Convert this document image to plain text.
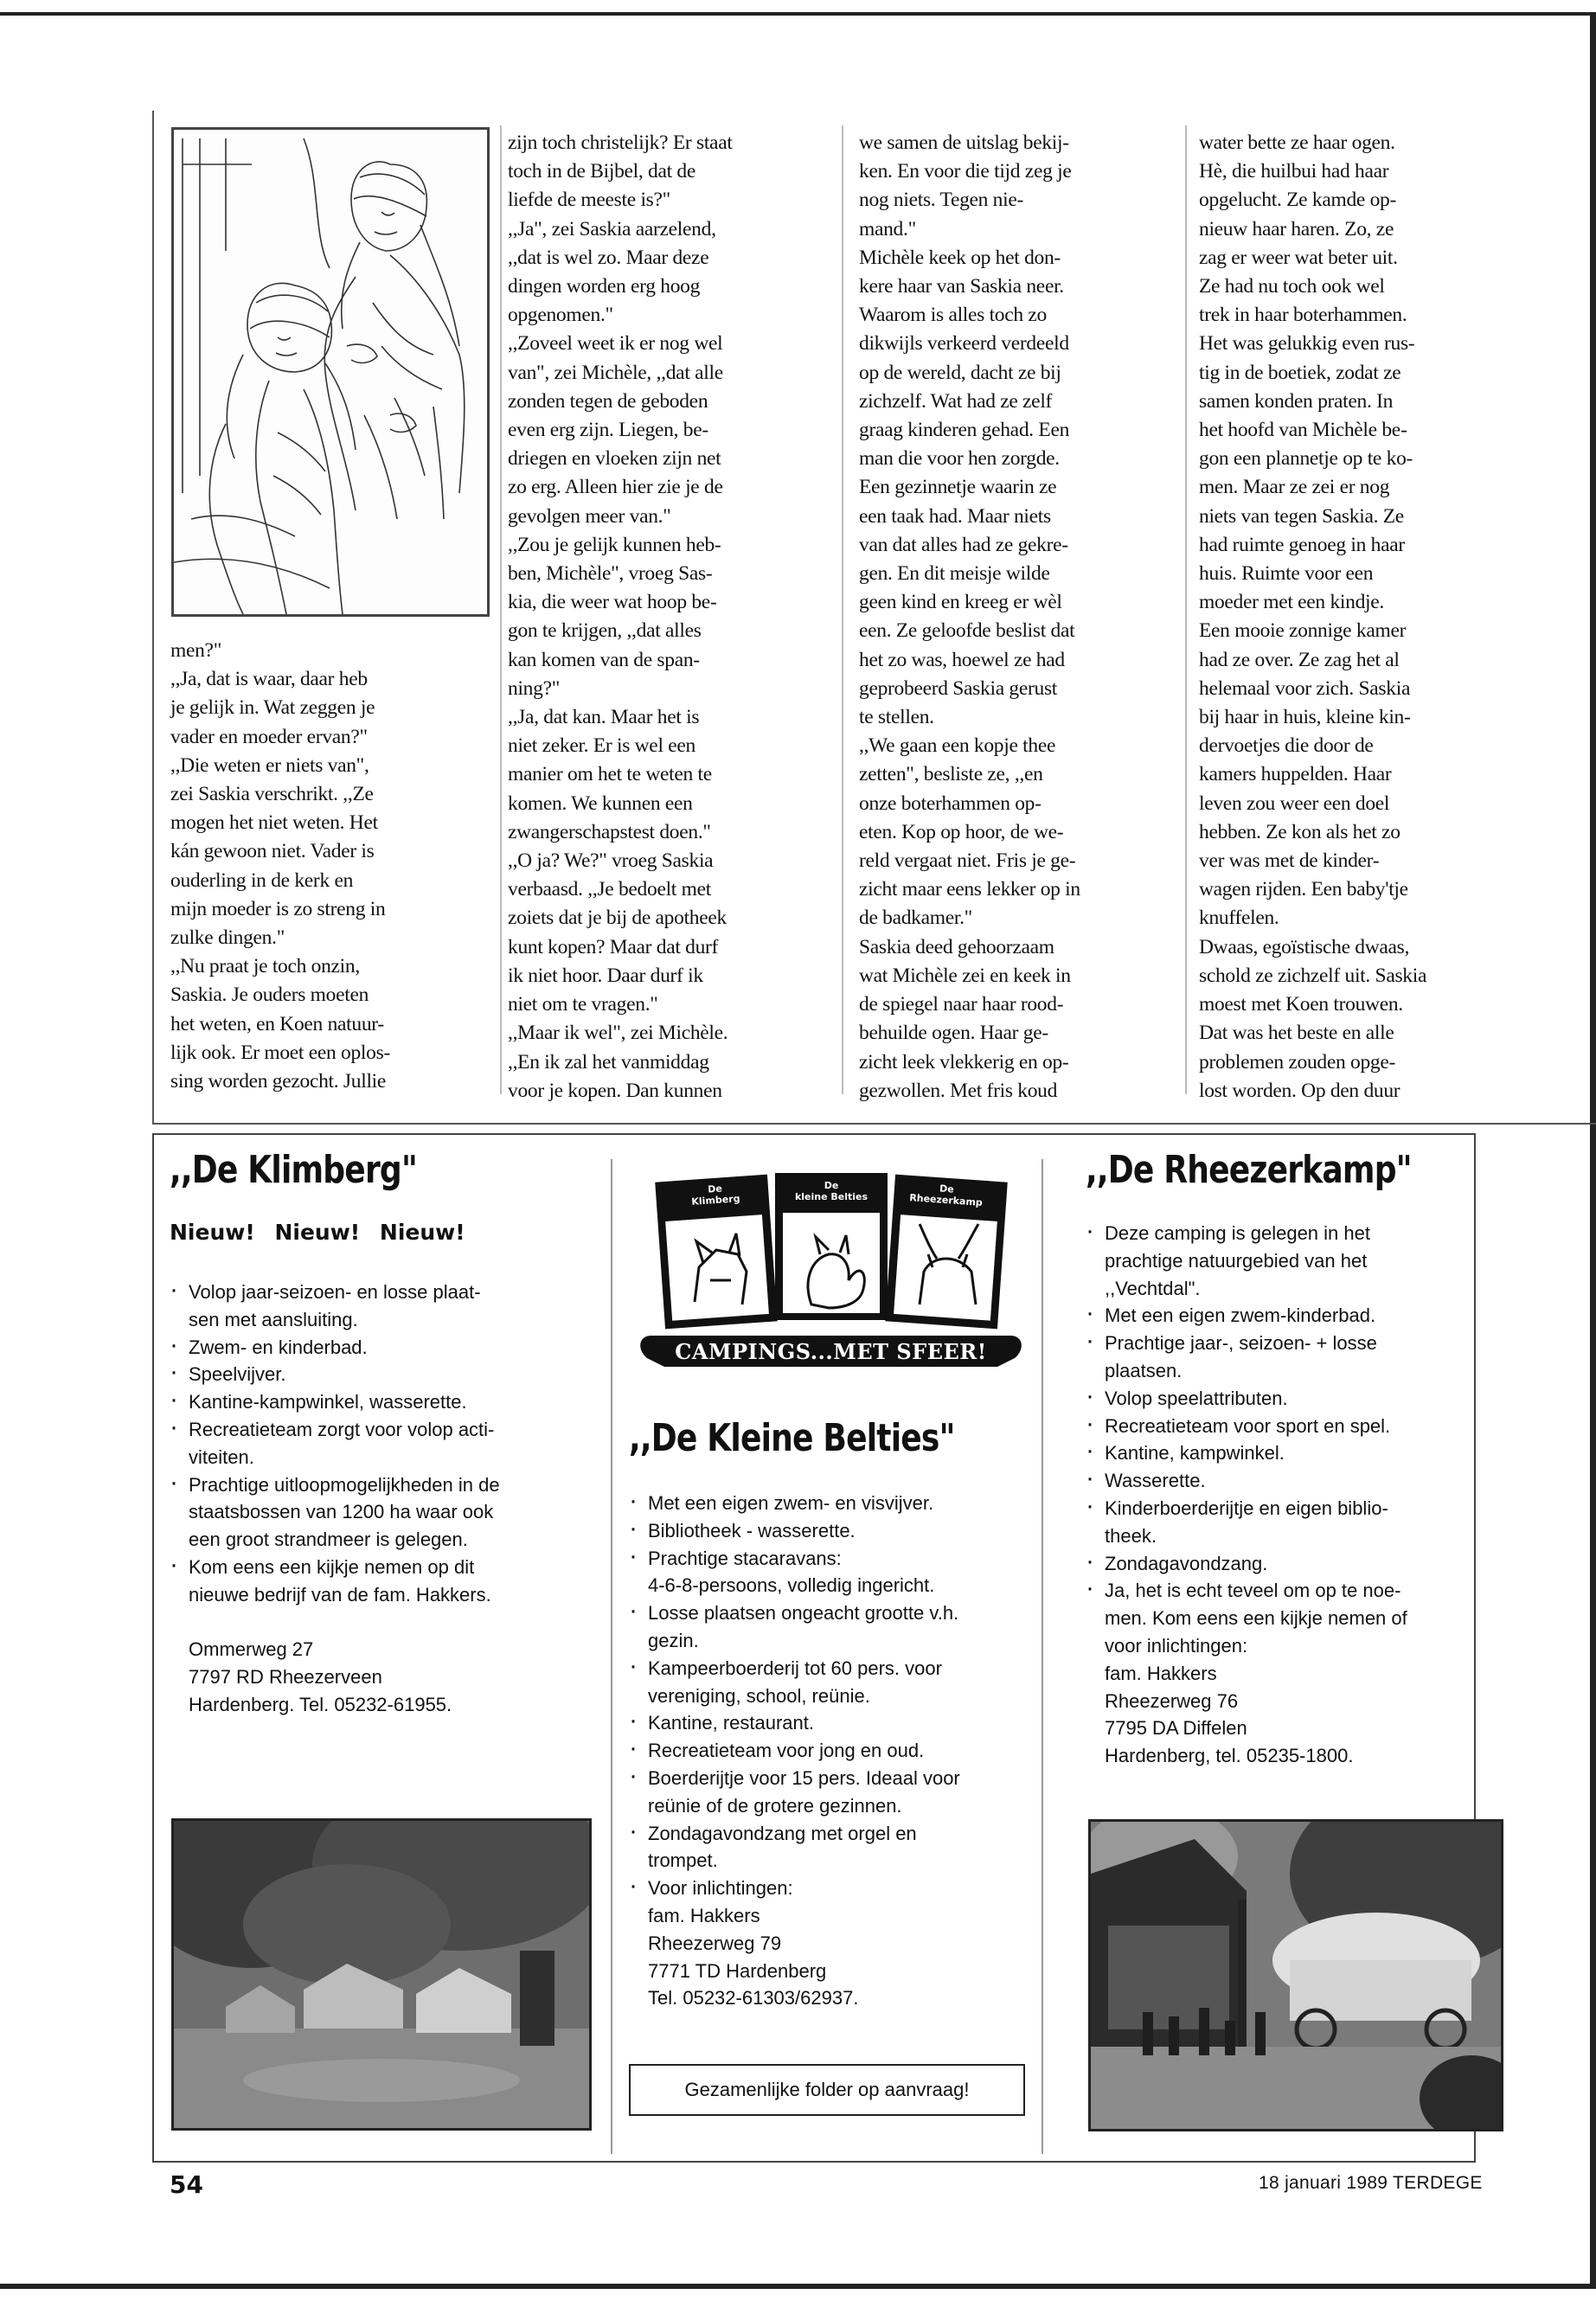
men?"

,,Ja, dat is waar, daar heb

je gelijk in. Wat zeggen je

vader en moeder ervan?"

,,Die weten er niets van",

zei Saskia verschrikt. ,,Ze

mogen het niet weten. Het

kán gewoon niet. Vader is

ouderling in de kerk en

mijn moeder is zo streng in

zulke dingen."

,,Nu praat je toch onzin,

Saskia. Je ouders moeten

het weten, en Koen natuur-

lijk ook. Er moet een oplos-

sing worden gezocht. Jullie

zijn toch christelijk? Er staat

toch in de Bijbel, dat de

liefde de meeste is?"

,,Ja", zei Saskia aarzelend,

,,dat is wel zo. Maar deze

dingen worden erg hoog

opgenomen."

,,Zoveel weet ik er nog wel

van", zei Michèle, ,,dat alle

zonden tegen de geboden

even erg zijn. Liegen, be-

driegen en vloeken zijn net

zo erg. Alleen hier zie je de

gevolgen meer van."

,,Zou je gelijk kunnen heb-

ben, Michèle", vroeg Sas-

kia, die weer wat hoop be-

gon te krijgen, ,,dat alles

kan komen van de span-

ning?"

,,Ja, dat kan. Maar het is

niet zeker. Er is wel een

manier om het te weten te

komen. We kunnen een

zwangerschapstest doen."

,,O ja? We?" vroeg Saskia

verbaasd. ,,Je bedoelt met

zoiets dat je bij de apotheek

kunt kopen? Maar dat durf

ik niet hoor. Daar durf ik

niet om te vragen."

,,Maar ik wel", zei Michèle.

,,En ik zal het vanmiddag

voor je kopen. Dan kunnen

we samen de uitslag bekij-

ken. En voor die tijd zeg je

nog niets. Tegen nie-

mand."

Michèle keek op het don-

kere haar van Saskia neer.

Waarom is alles toch zo

dikwijls verkeerd verdeeld

op de wereld, dacht ze bij

zichzelf. Wat had ze zelf

graag kinderen gehad. Een

man die voor hen zorgde.

Een gezinnetje waarin ze

een taak had. Maar niets

van dat alles had ze gekre-

gen. En dit meisje wilde

geen kind en kreeg er wèl

een. Ze geloofde beslist dat

het zo was, hoewel ze had

geprobeerd Saskia gerust

te stellen.

,,We gaan een kopje thee

zetten", besliste ze, ,,en

onze boterhammen op-

eten. Kop op hoor, de we-

reld vergaat niet. Fris je ge-

zicht maar eens lekker op in

de badkamer."

Saskia deed gehoorzaam

wat Michèle zei en keek in

de spiegel naar haar rood-

behuilde ogen. Haar ge-

zicht leek vlekkerig en op-

gezwollen. Met fris koud

water bette ze haar ogen.

Hè, die huilbui had haar

opgelucht. Ze kamde op-

nieuw haar haren. Zo, ze

zag er weer wat beter uit.

Ze had nu toch ook wel

trek in haar boterhammen.

Het was gelukkig even rus-

tig in de boetiek, zodat ze

samen konden praten. In

het hoofd van Michèle be-

gon een plannetje op te ko-

men. Maar ze zei er nog

niets van tegen Saskia. Ze

had ruimte genoeg in haar

huis. Ruimte voor een

moeder met een kindje.

Een mooie zonnige kamer

had ze over. Ze zag het al

helemaal voor zich. Saskia

bij haar in huis, kleine kin-

dervoetjes die door de

kamers huppelden. Haar

leven zou weer een doel

hebben. Ze kon als het zo

ver was met de kinder-

wagen rijden. Een baby'tje

knuffelen.

Dwaas, egoïstische dwaas,

schold ze zichzelf uit. Saskia

moest met Koen trouwen.

Dat was het beste en alle

problemen zouden opge-

lost worden. Op den duur

,,De Klimberg"
Nieuw! Nieuw! Nieuw!
· Volop jaar-seizoen- en losse plaat-
sen met aansluiting.
· Zwem- en kinderbad.
· Speelvijver.
· Kantine-kampwinkel, wasserette.
· Recreatieteam zorgt voor volop acti-
viteiten.
· Prachtige uitloopmogelijkheden in de
staatsbossen van 1200 ha waar ook
een groot strandmeer is gelegen.
· Kom eens een kijkje nemen op dit
nieuwe bedrijf van de fam. Hakkers.
Ommerweg 27
7797 RD Rheezerveen
Hardenberg. Tel. 05232-61955.
De
Klimberg
De
kleine Belties
De
Rheezerkamp
CAMPINGS...MET SFEER!
,,De Kleine Belties"
· Met een eigen zwem- en visvijver.
· Bibliotheek - wasserette.
· Prachtige stacaravans:
4-6-8-persoons, volledig ingericht.
· Losse plaatsen ongeacht grootte v.h.
gezin.
· Kampeerboerderij tot 60 pers. voor
vereniging, school, reünie.
· Kantine, restaurant.
· Recreatieteam voor jong en oud.
· Boerderijtje voor 15 pers. Ideaal voor
reünie of de grotere gezinnen.
· Zondagavondzang met orgel en
trompet.
· Voor inlichtingen:
fam. Hakkers
Rheezerweg 79
7771 TD Hardenberg
Tel. 05232-61303/62937.
Gezamenlijke folder op aanvraag!
,,De Rheezerkamp"
· Deze camping is gelegen in het
prachtige natuurgebied van het
,,Vechtdal".
· Met een eigen zwem-kinderbad.
· Prachtige jaar-, seizoen- + losse
plaatsen.
· Volop speelattributen.
· Recreatieteam voor sport en spel.
· Kantine, kampwinkel.
· Wasserette.
· Kinderboerderijtje en eigen biblio-
theek.
· Zondagavondzang.
· Ja, het is echt teveel om op te noe-
men. Kom eens een kijkje nemen of
voor inlichtingen:
fam. Hakkers
Rheezerweg 76
7795 DA Diffelen
Hardenberg, tel. 05235-1800.
54	18 januari 1989 TERDEGE
